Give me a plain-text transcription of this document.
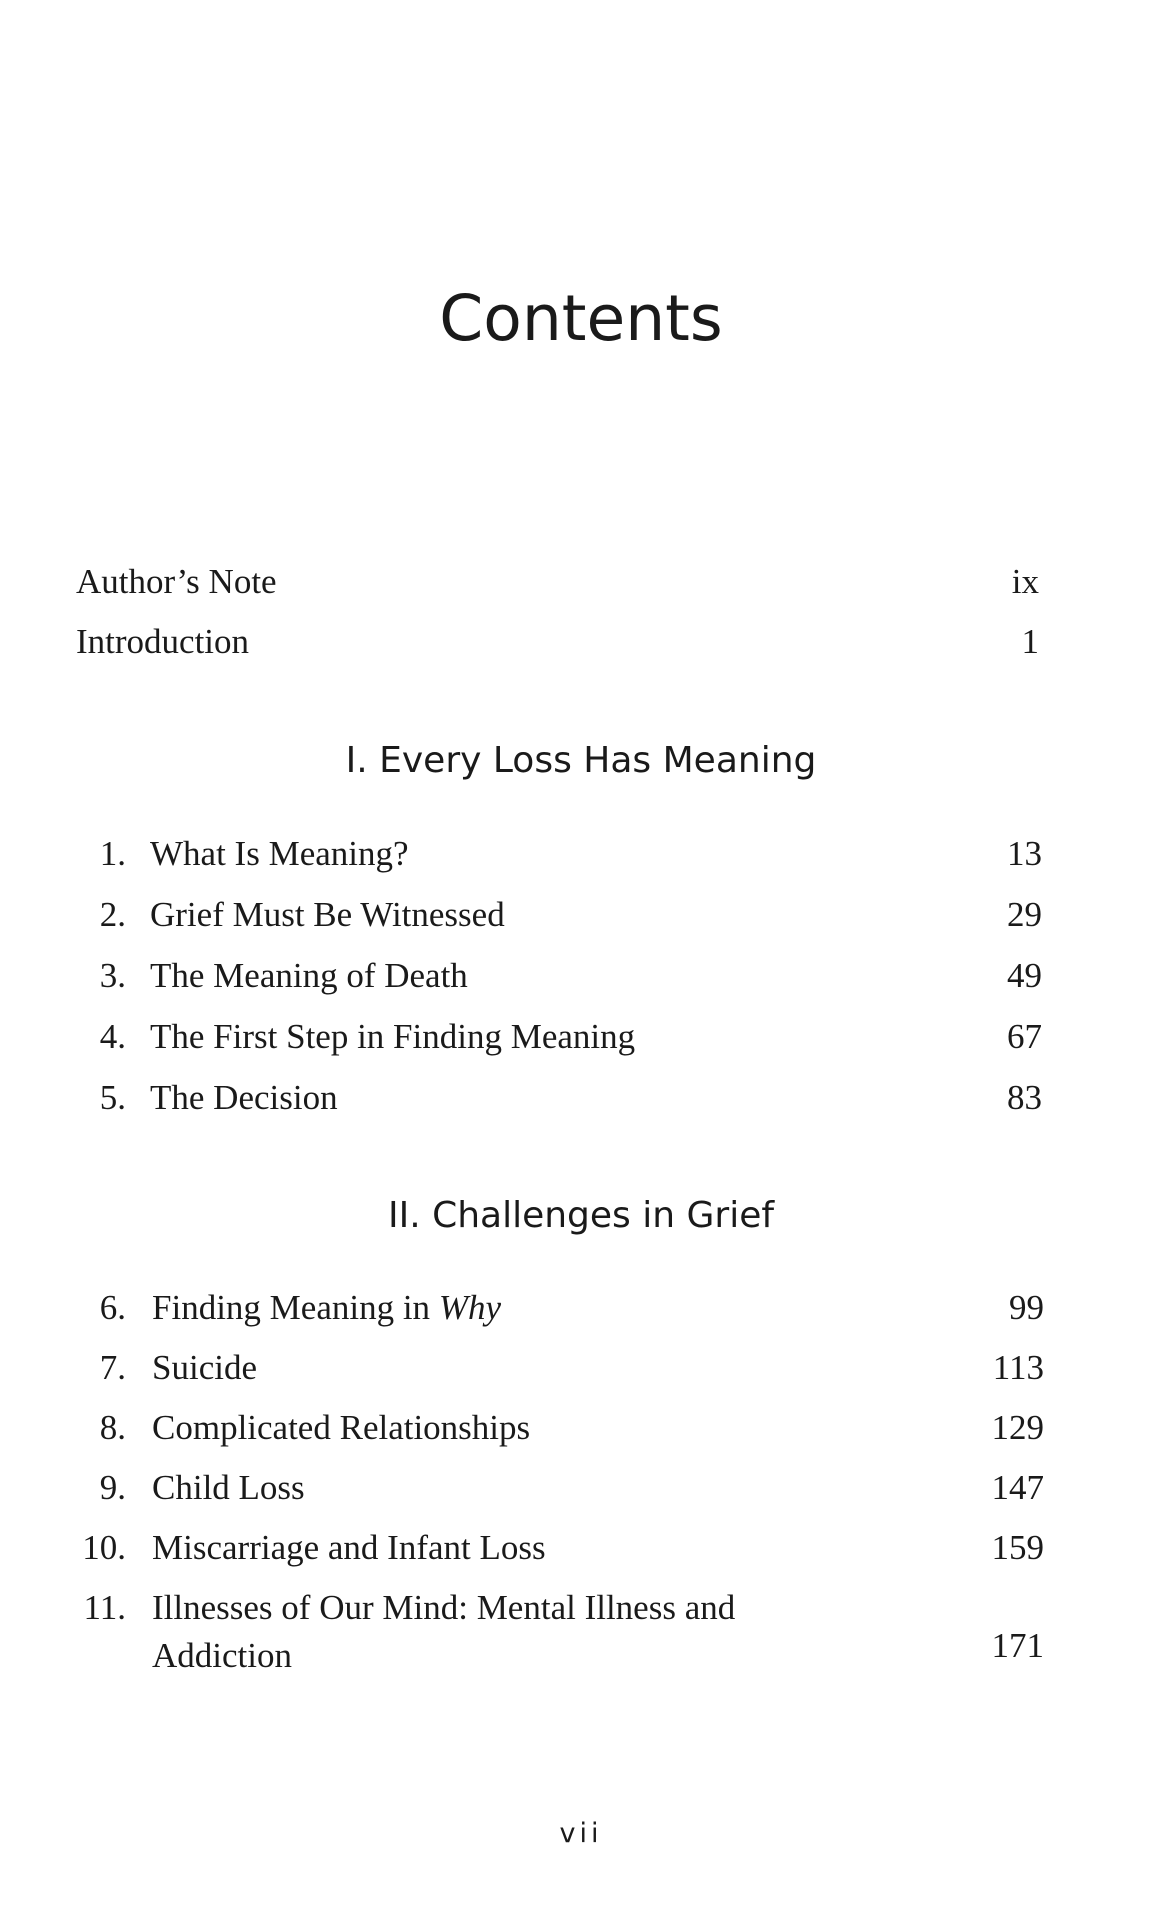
Contents
Author’s Note	ix
Introduction	1
I. Every Loss Has Meaning
1. What Is Meaning?	13
2. Grief Must Be Witnessed	29
3. The Meaning of Death	49
4. The First Step in Finding Meaning	67
5. The Decision	83
II. Challenges in Grief
6. Finding Meaning in Why	99
7. Suicide	113
8. Complicated Relationships	129
9. Child Loss	147
10. Miscarriage and Infant Loss	159
11. Illnesses of Our Mind: Mental Illness and
Addiction	171
vii
